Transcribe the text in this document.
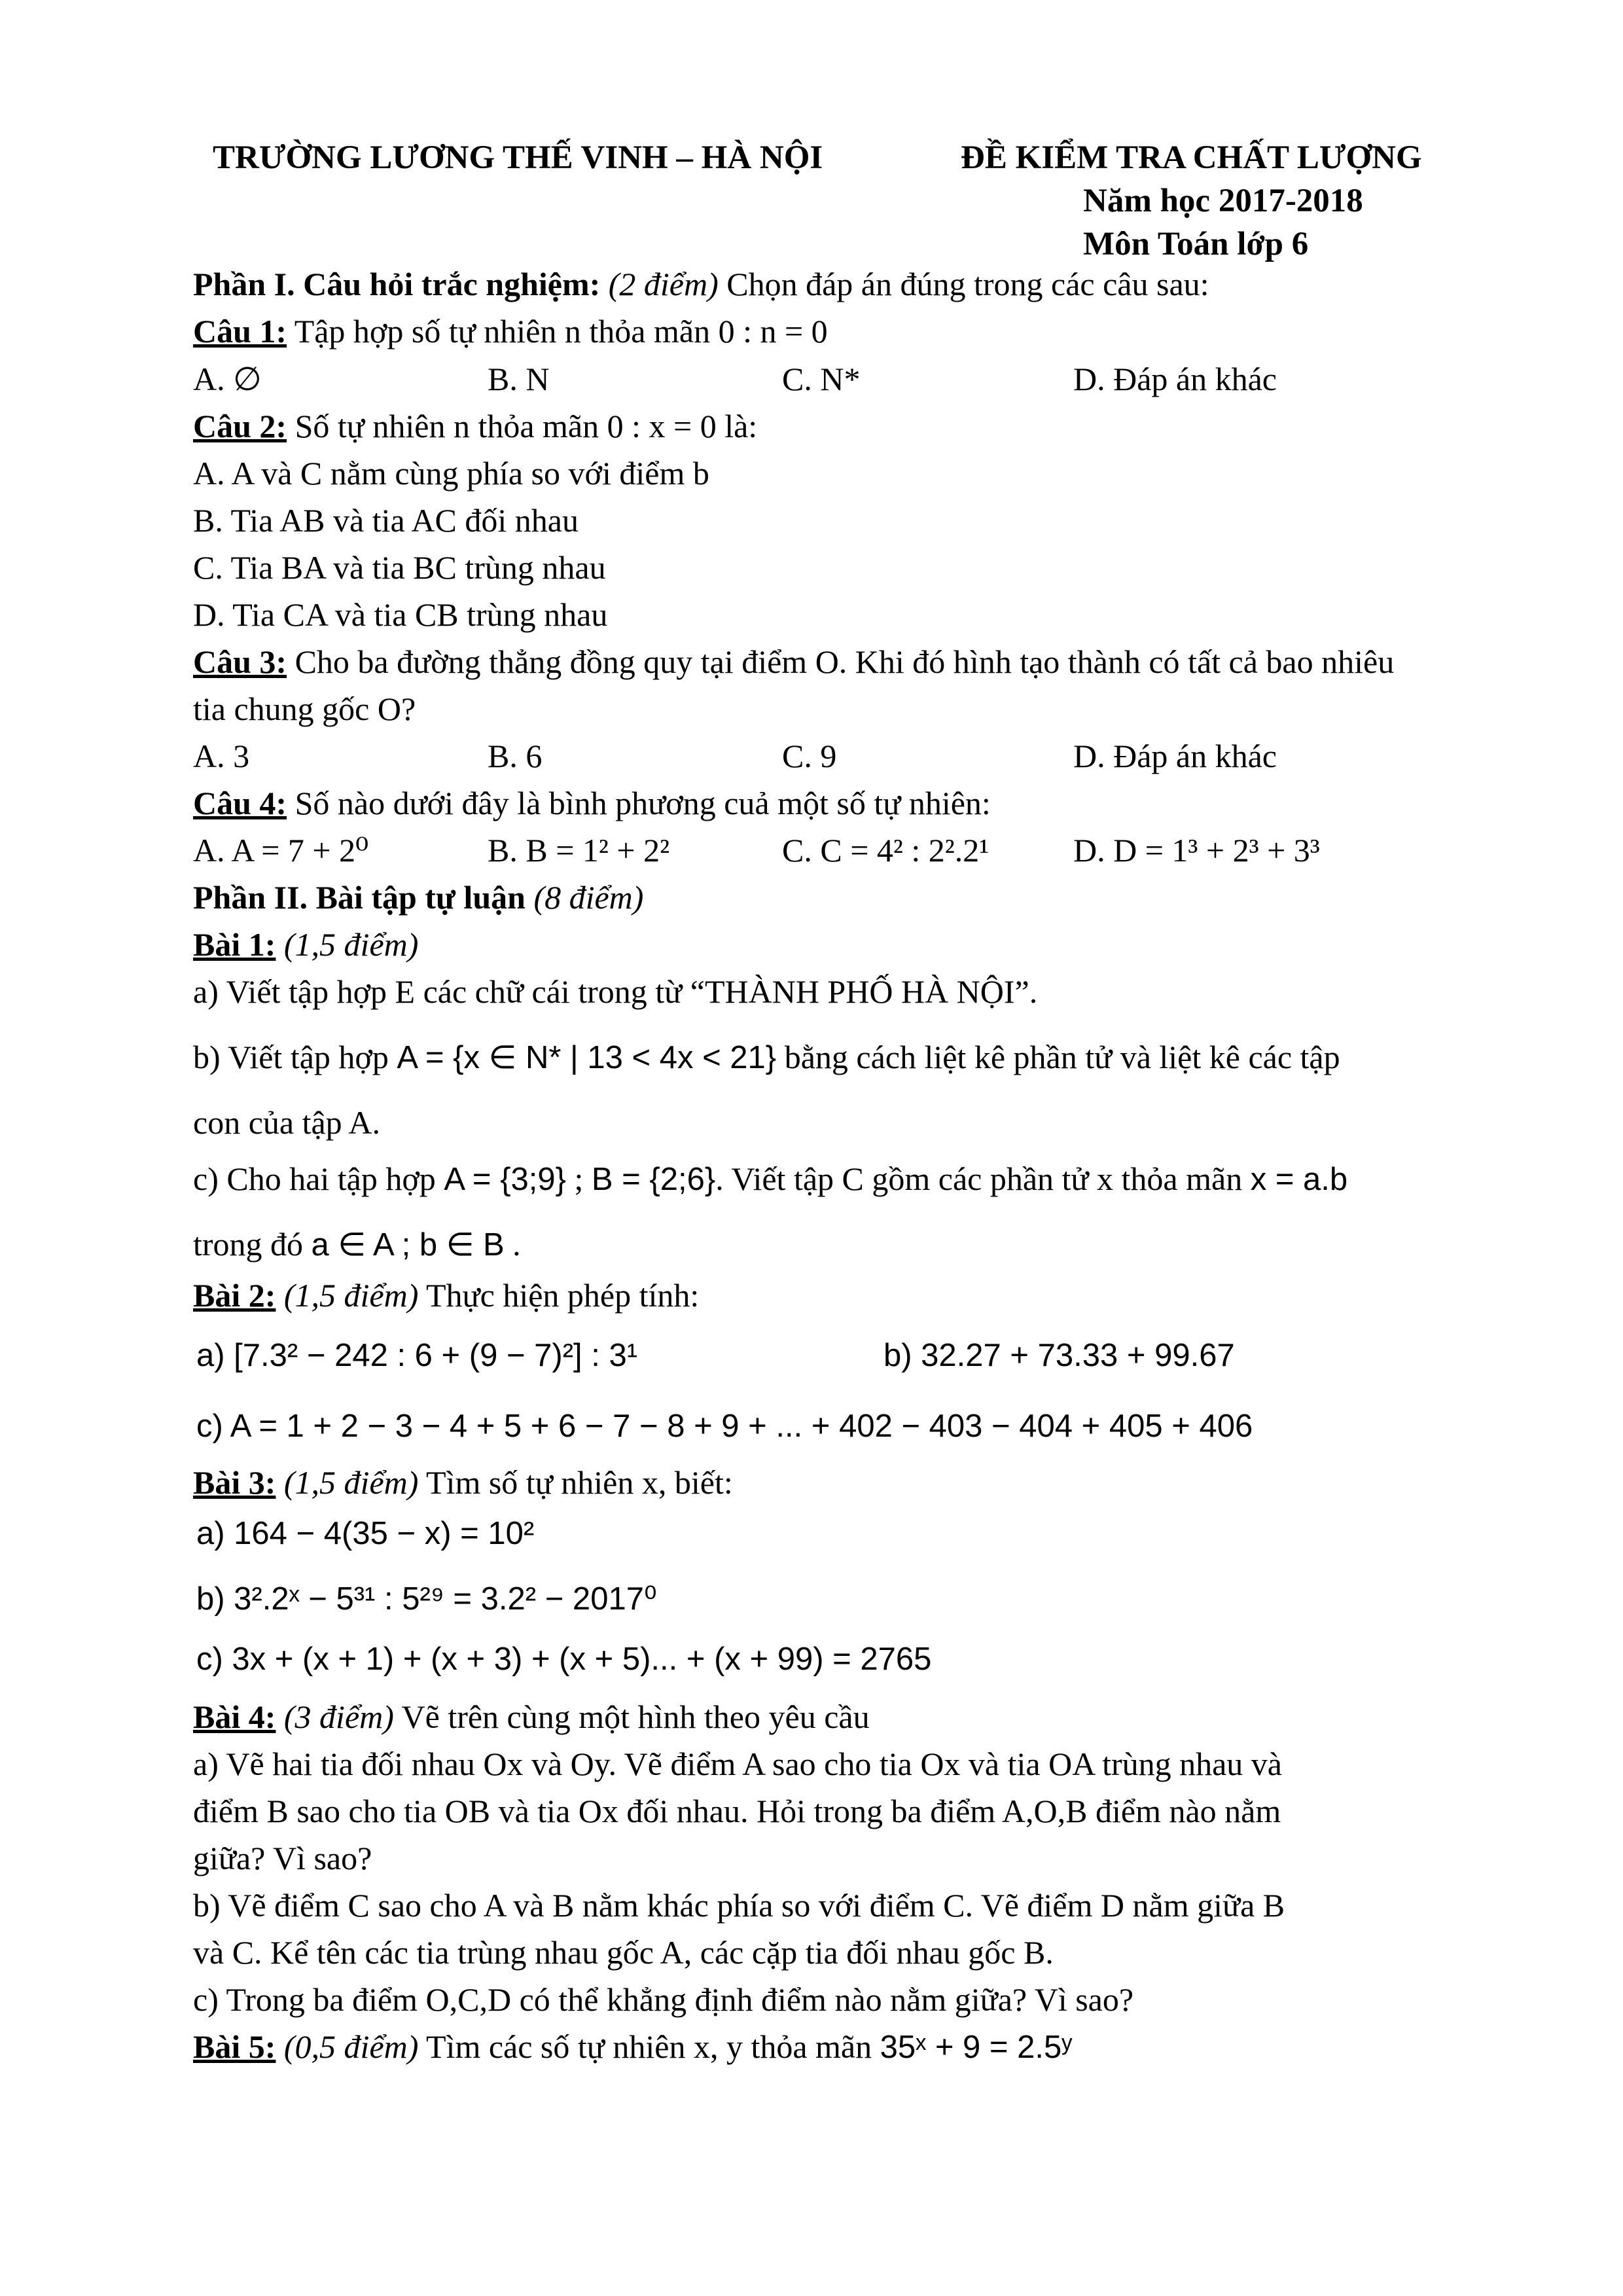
TRƯỜNG LƯƠNG THẾ VINH – HÀ NỘI	ĐỀ KIỂM TRA CHẤT LƯỢNG
Năm học 2017-2018
Môn Toán lớp 6
Phần I. Câu hỏi trắc nghiệm: (2 điểm) Chọn đáp án đúng trong các câu sau:
Câu 1: Tập hợp số tự nhiên n thỏa mãn 0 : n = 0
A. ∅	B. N	C. N*	D. Đáp án khác
Câu 2: Số tự nhiên n thỏa mãn 0 : x = 0 là:
A. A và C nằm cùng phía so với điểm b
B. Tia AB và tia AC đối nhau
C. Tia BA và tia BC trùng nhau
D. Tia CA và tia CB trùng nhau
Câu 3: Cho ba đường thẳng đồng quy tại điểm O. Khi đó hình tạo thành có tất cả bao nhiêu
tia chung gốc O?
A. 3	B. 6	C. 9	D. Đáp án khác
Câu 4: Số nào dưới đây là bình phương cuả một số tự nhiên:
A. A = 7 + 2⁰	B. B = 1² + 2²	C. C = 4² : 2².2¹	D. D = 1³ + 2³ + 3³
Phần II. Bài tập tự luận (8 điểm)
Bài 1: (1,5 điểm)
a) Viết tập hợp E các chữ cái trong từ “THÀNH PHỐ HÀ NỘI”.
b) Viết tập hợp A = {x ∈ N* | 13 < 4x < 21} bằng cách liệt kê phần tử và liệt kê các tập
con của tập A.
c) Cho hai tập hợp A = {3;9} ; B = {2;6}. Viết tập C gồm các phần tử x thỏa mãn x = a.b
trong đó a ∈ A ; b ∈ B .
Bài 2: (1,5 điểm) Thực hiện phép tính:
a) [7.3² − 242 : 6 + (9 − 7)²] : 3¹	b) 32.27 + 73.33 + 99.67
c) A = 1 + 2 − 3 − 4 + 5 + 6 − 7 − 8 + 9 + ... + 402 − 403 − 404 + 405 + 406
Bài 3: (1,5 điểm) Tìm số tự nhiên x, biết:
a) 164 − 4(35 − x) = 10²
b) 3².2ˣ − 5³¹ : 5²⁹ = 3.2² − 2017⁰
c) 3x + (x + 1) + (x + 3) + (x + 5)... + (x + 99) = 2765
Bài 4: (3 điểm) Vẽ trên cùng một hình theo yêu cầu
a) Vẽ hai tia đối nhau Ox và Oy. Vẽ điểm A sao cho tia Ox và tia OA trùng nhau và
điểm B sao cho tia OB và tia Ox đối nhau. Hỏi trong ba điểm A,O,B điểm nào nằm
giữa? Vì sao?
b) Vẽ điểm C sao cho A và B nằm khác phía so với điểm C. Vẽ điểm D nằm giữa B
và C. Kể tên các tia trùng nhau gốc A, các cặp tia đối nhau gốc B.
c) Trong ba điểm O,C,D có thể khẳng định điểm nào nằm giữa? Vì sao?
Bài 5: (0,5 điểm) Tìm các số tự nhiên x, y thỏa mãn 35ˣ + 9 = 2.5ʸ
